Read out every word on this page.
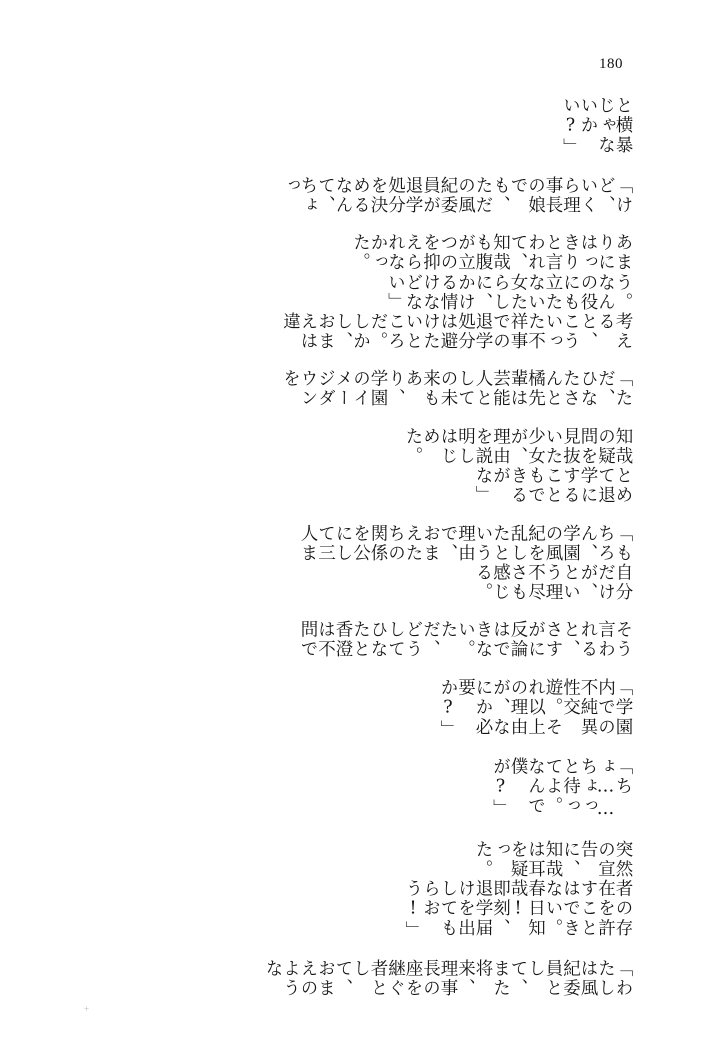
180
「わたしは風紀委員として、また将来、理事長の座を継ぐ者として、おまえのような
者の存在を許すことはできない。　春日知哉!　即刻、退学届けを出してもらおう!」
突然の宣告に、知哉は耳を疑った。
「ちょ……ちょっと待ってよ。なんで僕が?」
「学園内での不純異性交遊。それ以上の理由が、なにか必要か?」
そう言われると、さすがに反論はできない。ただ、どうしてひなたと香澄は不問で
自分だけが、という理不尽さも感じる。
「もちろん、学園の風紀を乱したという理由で、おまえたちの関係を公にして三人ま
とめて退学にすることもできるがな」
知哉の疑問を見抜いた少女が、理由を説明しはじめた。
「ただ、ひなたさんと橘先輩は芸能人としての未来もあり、学園のイメージダウンを
考えると、こういった不祥事での退学処分は避けたいところだ。しかし、おまえは違
う。なんの役にも立たない女たらしに、かける情けなどない」
あまりにはっきりと言われて、知哉も腹が立つのを抑えられなかった。
「けど、いくら理事長の娘でも、ただの風紀委員が退学処分を決めるなんて、ちょっ
と横暴じゃないかい?」
+
